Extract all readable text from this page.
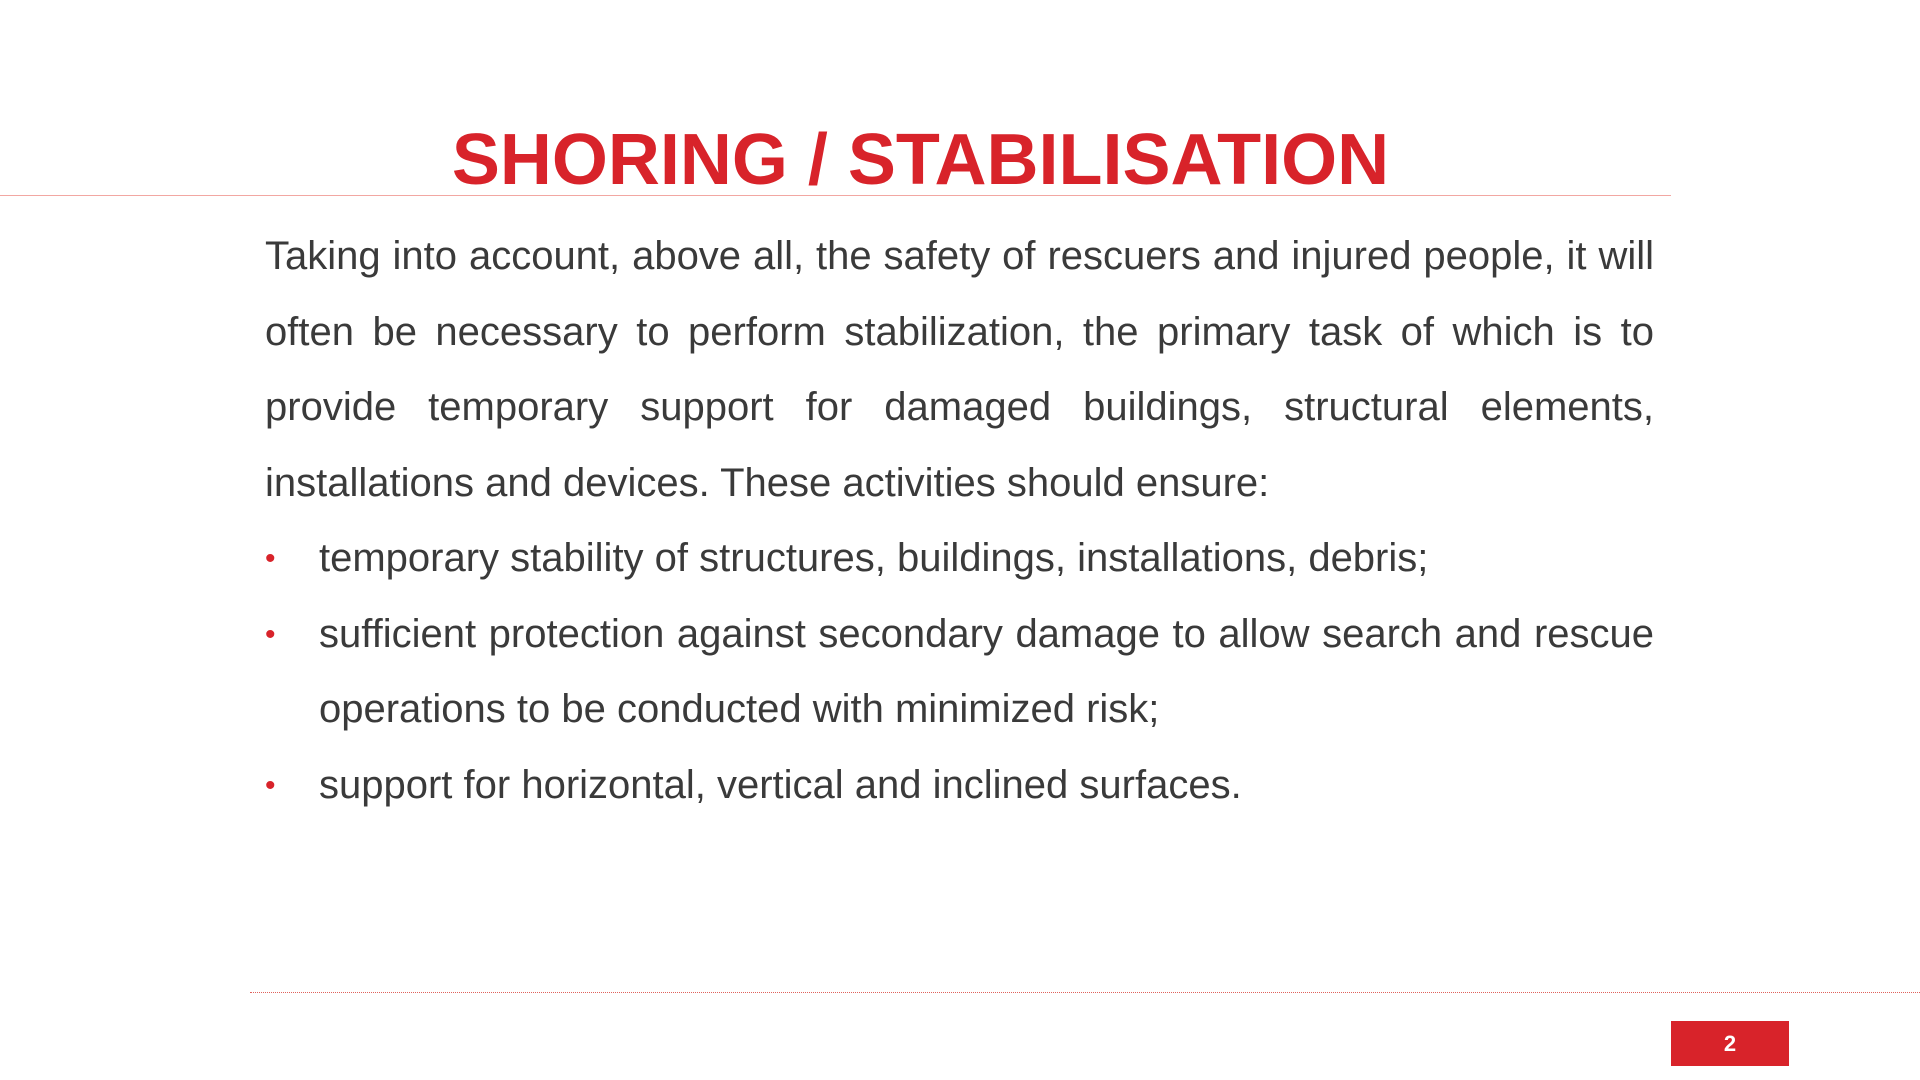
SHORING / STABILISATION

Taking into account, above all, the safety of rescuers and injured people, it will often be necessary to perform stabilization, the primary task of which is to provide temporary support for damaged buildings, structural elements, installations and devices. These activities should ensure:

• temporary stability of structures, buildings, installations, debris;
• sufficient protection against secondary damage to allow search and rescue operations to be conducted with minimized risk;
• support for horizontal, vertical and inclined surfaces.
2
